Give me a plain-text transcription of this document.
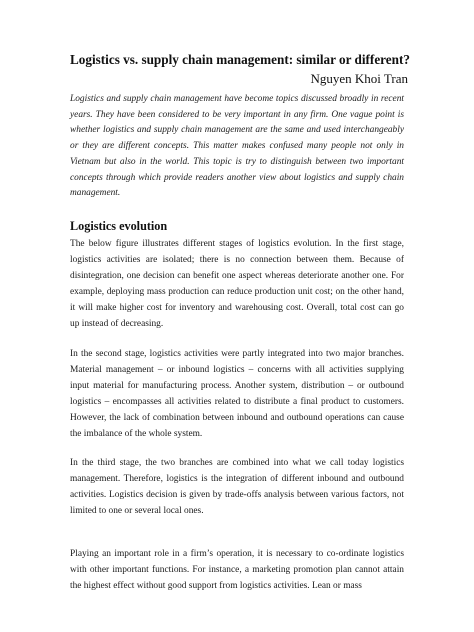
Logistics vs. supply chain management: similar or different?
Nguyen Khoi Tran
Logistics and supply chain management have become topics discussed broadly in recent years. They have been considered to be very important in any firm. One vague point is whether logistics and supply chain management are the same and used interchangeably or they are different concepts. This matter makes confused many people not only in Vietnam but also in the world. This topic is try to distinguish between two important concepts through which provide readers another view about logistics and supply chain management.
Logistics evolution
The below figure illustrates different stages of logistics evolution. In the first stage, logistics activities are isolated; there is no connection between them. Because of disintegration, one decision can benefit one aspect whereas deteriorate another one. For example, deploying mass production can reduce production unit cost; on the other hand, it will make higher cost for inventory and warehousing cost. Overall, total cost can go up instead of decreasing.
In the second stage, logistics activities were partly integrated into two major branches. Material management – or inbound logistics – concerns with all activities supplying input material for manufacturing process. Another system, distribution – or outbound logistics – encompasses all activities related to distribute a final product to customers. However, the lack of combination between inbound and outbound operations can cause the imbalance of the whole system.
In the third stage, the two branches are combined into what we call today logistics management. Therefore, logistics is the integration of different inbound and outbound activities. Logistics decision is given by trade-offs analysis between various factors, not limited to one or several local ones.
Playing an important role in a firm’s operation, it is necessary to co-ordinate logistics with other important functions. For instance, a marketing promotion plan cannot attain the highest effect without good support from logistics activities. Lean or mass
